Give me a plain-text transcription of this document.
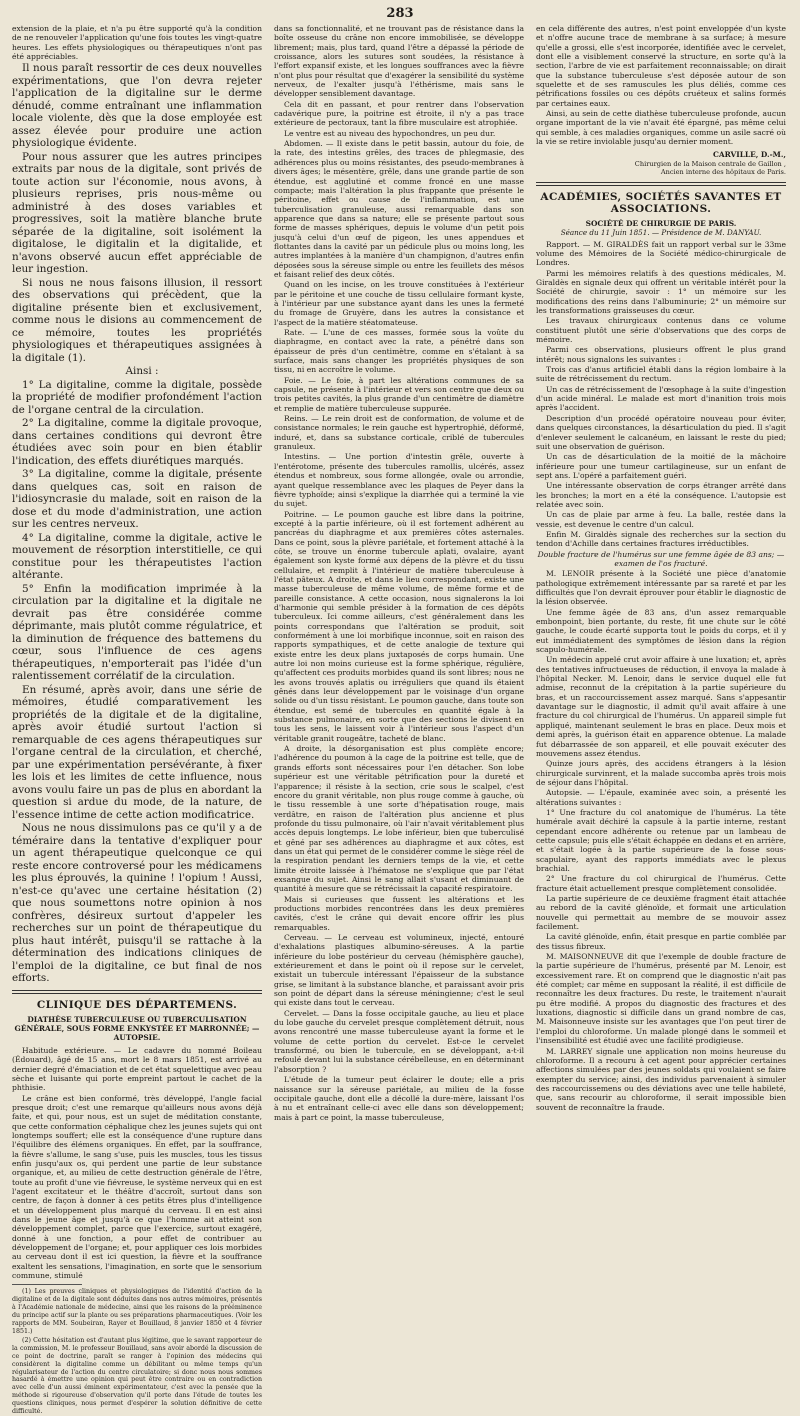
283

extension de la plaie, et n'a pu être supporté qu'à la condition de ne renouveler l'application qu'une fois toutes les vingt-quatre heures. Les effets physiologiques ou thérapeutiques n'ont pas été appréciables.

Il nous paraît ressortir de ces deux nouvelles expérimentations, que l'on devra rejeter l'application de la digitaline sur le derme dénudé, comme entraînant une inflammation locale violente, dès que la dose employée est assez élevée pour produire une action physiologique évidente.

Pour nous assurer que les autres principes extraits par nous de la digitale, sont privés de toute action sur l'économie, nous avons, à plusieurs reprises, pris nous-même ou administré à des doses variables et progressives, soit la matière blanche brute séparée de la digitaline, soit isolément la digitalose, le digitalin et la digitalide, et n'avons observé aucun effet appréciable de leur ingestion.

Si nous ne nous faisons illusion, il ressort des observations qui précèdent, que la digitaline présente bien et exclusivement, comme nous le disions au commencement de ce mémoire, toutes les propriétés physiologiques et thérapeutiques assignées à la digitale (1).

Ainsi :

1° La digitaline, comme la digitale, possède la propriété de modifier profondément l'action de l'organe central de la circulation.

2° La digitaline, comme la digitale provoque, dans certaines conditions qui devront être étudiées avec soin pour en bien établir l'indication, des effets diurétiques marqués.

3° La digitaline, comme la digitale, présente dans quelques cas, soit en raison de l'idiosyncrasie du malade, soit en raison de la dose et du mode d'administration, une action sur les centres nerveux.

4° La digitaline, comme la digitale, active le mouvement de résorption interstitielle, ce qui constitue pour les thérapeutistes l'action altérante.

5° Enfin la modification imprimée à la circulation par la digitaline et la digitale ne devrait pas être considérée comme déprimante, mais plutôt comme régulatrice, et la diminution de fréquence des battemens du cœur, sous l'influence de ces agens thérapeutiques, n'emporterait pas l'idée d'un ralentissement corrélatif de la circulation.

En résumé, après avoir, dans une série de mémoires, étudié comparativement les propriétés de la digitale et de la digitaline, après avoir étudié surtout l'action si remarquable de ces agens thérapeutiques sur l'organe central de la circulation, et cherché, par une expérimentation persévérante, à fixer les lois et les limites de cette influence, nous avons voulu faire un pas de plus en abordant la question si ardue du mode, de la nature, de l'essence intime de cette action modificatrice.

Nous ne nous dissimulons pas ce qu'il y a de téméraire dans la tentative d'expliquer pour un agent thérapeutique quelconque ce qui reste encore controversé pour les médicamens les plus éprouvés, la quinine ! l'opium ! Aussi, n'est-ce qu'avec une certaine hésitation (2) que nous soumettons notre opinion à nos confrères, désireux surtout d'appeler les recherches sur un point de thérapeutique du plus haut intérêt, puisqu'il se rattache à la détermination des indications cliniques de l'emploi de la digitaline, ce but final de nos efforts.

CLINIQUE DES DÉPARTEMENS.
DIATHÈSE TUBERCULEUSE OU TUBERCULISATION GÉNÉRALE, SOUS FORME ENKYSTÉE ET MARRONNÉE; — AUTOPSIE.

Habitude extérieure. — Le cadavre du nommé Boileau (Édouard), âgé de 15 ans, mort le 8 mars 1851, est arrivé au dernier degré d'émaciation et de cet état squelettique avec peau sèche et luisante qui porte empreint partout le cachet de la phthisie.

Le crâne est bien conformé, très développé, l'angle facial presque droit; c'est une remarque qu'ailleurs nous avons déjà faite, et qui, pour nous, est un sujet de méditation constante, que cette conformation céphalique chez les jeunes sujets qui ont longtemps souffert; elle est la conséquence d'une rupture dans l'équilibre des élémens organiques. En effet, par la souffrance, la fièvre s'allume, le sang s'use, puis les muscles, tous les tissus enfin jusqu'aux os, qui perdent une partie de leur substance organique, et, au milieu de cette destruction générale de l'être, toute au profit d'une vie fiévreuse, le système nerveux qui en est l'agent excitateur et le théâtre d'accroît, surtout dans son centre, de façon à donner à ces petits êtres plus d'intelligence et un développement plus marqué du cerveau. Il en est ainsi dans le jeune âge et jusqu'à ce que l'homme ait atteint son développement complet, parce que l'exercice, surtout exagéré, donné à une fonction, a pour effet de contribuer au développement de l'organe; et, pour appliquer ces lois morbides au cerveau dont il est ici question, la fièvre et la souffrance exaltent les sensations, l'imagination, en sorte que le sensorium commune, stimulé

(1) Les preuves cliniques et physiologiques de l'identité d'action de la digitaline et de la digitale sont déduites dans nos autres mémoires, présentés à l'Académie nationale de médecine, ainsi que les raisons de la prééminence du principe actif sur la plante ou ses préparations pharmaceutiques. (Voir les rapports de MM. Soubeiran, Rayer et Bouillaud, 8 janvier 1850 et 4 février 1851.)

(2) Cette hésitation est d'autant plus légitime, que le savant rapporteur de la commission, M. le professeur Bouillaud, sans avoir abordé la discussion de ce point de doctrine, paraît se ranger à l'opinion des médecins qui considèrent la digitaline comme un débilitant ou même temps qu'un régularisateur de l'action du centre circulatoire; si donc nous nous sommes hasardé à émettre une opinion qui peut être contraire ou en contradiction avec celle d'un aussi éminent expérimentateur, c'est avec la pensée que la méthode si rigoureuse d'observation qu'il porte dans l'étude de toutes les questions cliniques, nous permet d'espérer la solution définitive de cette difficulté.

dans sa fonctionnalité, et ne trouvant pas de résistance dans la boîte osseuse du crâne non encore immobilisée, se développe librement; mais, plus tard, quand l'être a dépassé la période de croissance, alors les sutures sont soudées, la résistance à l'effort expansif existe, et les longues souffrances avec la fièvre n'ont plus pour résultat que d'exagérer la sensibilité du système nerveux, de l'exalter jusqu'à l'éthérisme, mais sans le développer sensiblement davantage.

Cela dit en passant, et pour rentrer dans l'observation cadavérique pure, la poitrine est étroite, il n'y a pas trace extérieure de pectoraux, tant la fibre musculaire est atrophiée.

Le ventre est au niveau des hypochondres, un peu dur.

Abdomen. — Il existe dans le petit bassin, autour du foie, de la rate, des intestins grêles, des traces de phlegmasie, des adhérences plus ou moins résistantes, des pseudo-membranes à divers âges; le mésentère, grêle, dans une grande partie de son étendue, est agglutiné et comme froncé en une masse compacte; mais l'altération la plus frappante que présente le péritoine, effet ou cause de l'inflammation, est une tuberculisation granuleuse, aussi remarquable dans son apparence que dans sa nature; elle se présente partout sous forme de masses sphériques, depuis le volume d'un petit pois jusqu'à celui d'un œuf de pigeon, les unes appendues et flottantes dans la cavité par un pédicule plus ou moins long, les autres implantées à la manière d'un champignon, d'autres enfin déposées sous la séreuse simple ou entre les feuillets des mésos et faisant relief des deux côtés.

Quand on les incise, on les trouve constituées à l'extérieur par le péritoine et une couche de tissu cellulaire formant kyste, à l'intérieur par une substance ayant dans les unes la fermeté du fromage de Gruyère, dans les autres la consistance et l'aspect de la matière stéatomateuse.

Rate. — L'une de ces masses, formée sous la voûte du diaphragme, en contact avec la rate, a pénétré dans son épaisseur de près d'un centimètre, comme en s'étalant à sa surface, mais sans changer les propriétés physiques de son tissu, ni en accroître le volume.

Foie. — Le foie, à part les altérations communes de sa capsule, ne présente à l'intérieur et vers son centre que deux ou trois petites cavités, la plus grande d'un centimètre de diamètre et remplie de matière tuberculeuse suppurée.

Reins. — Le rein droit est de conformation, de volume et de consistance normales; le rein gauche est hypertrophié, déformé, induré, et, dans sa substance corticale, criblé de tubercules granuleux.

Intestins. — Une portion d'intestin grêle, ouverte à l'entérotome, présente des tubercules ramollis, ulcérés, assez étendus et nombreux, sous forme allongée, ovale ou arrondie, ayant quelque ressemblance avec les plaques de Peyer dans la fièvre typhoïde; ainsi s'explique la diarrhée qui a terminé la vie du sujet.

Poitrine. — Le poumon gauche est libre dans la poitrine, excepté à la partie inférieure, où il est fortement adhérent au pancréas du diaphragme et aux premières côtes asternales. Dans ce point, sous la plèvre pariétale, et fortement attaché à la côte, se trouve un énorme tubercule aplati, ovalaire, ayant également son kyste formé aux dépens de la plèvre et du tissu cellulaire, et remplit à l'intérieur de matière tuberculeuse à l'état pâteux. A droite, et dans le lieu correspondant, existe une masse tuberculeuse de même volume, de même forme et de pareille consistance. A cette occasion, nous signalerons la loi d'harmonie qui semble présider à la formation de ces dépôts tuberculeux. Ici comme ailleurs, c'est généralement dans les points correspondans que l'altération se produit, soit conformément à une loi morbifique inconnue, soit en raison des rapports sympathiques, et de cette analogie de texture qui existe entre les deux plans juxtaposés de corps humain. Une autre loi non moins curieuse est la forme sphérique, régulière, qu'affectent ces produits morbides quand ils sont libres; nous ne les avons trouvés aplatis ou irréguliers que quand ils étaient gênés dans leur développement par le voisinage d'un organe solide ou d'un tissu résistant. Le poumon gauche, dans toute son étendue, est semé de tubercules en quantité égale à la substance pulmonaire, en sorte que des sections le divisent en tous les sens, le laissent voir à l'intérieur sous l'aspect d'un véritable granit rougeâtre, tacheté de blanc.

A droite, la désorganisation est plus complète encore; l'adhérence du poumon à la cage de la poitrine est telle, que de grands efforts sont nécessaires pour l'en détacher. Son lobe supérieur est une véritable pétrification pour la dureté et l'apparence; il résiste à la section, crie sous le scalpel, c'est encore du granit véritable, non plus rouge comme à gauche, où le tissu ressemble à une sorte d'hépatisation rouge, mais verdâtre, en raison de l'altération plus ancienne et plus profonde du tissu pulmonaire, où l'air n'avait véritablement plus accès depuis longtemps. Le lobe inférieur, bien que tuberculisé et gêné par ses adhérences au diaphragme et aux côtes, est dans un état qui permet de le considérer comme le siège réel de la respiration pendant les derniers temps de la vie, et cette limite étroite laissée à l'hématose ne s'explique que par l'état exsangue du sujet. Ainsi le sang allait s'usant et diminuant de quantité à mesure que se rétrécissait la capacité respiratoire.

Mais si curieuses que fussent les altérations et les productions morbides rencontrées dans les deux premières cavités, c'est le crâne qui devait encore offrir les plus remarquables.

Cerveau. — Le cerveau est volumineux, injecté, entouré d'exhalations plastiques albumino-séreuses. A la partie inférieure du lobe postérieur du cerveau (hémisphère gauche), extérieurement et dans le point où il repose sur le cervelet, existait un tubercule intéressant l'épaisseur de la substance grise, se limitant à la substance blanche, et paraissant avoir pris son point de départ dans la séreuse méningienne; c'est le seul qui existe dans tout le cerveau.

Cervelet. — Dans la fosse occipitale gauche, au lieu et place du lobe gauche du cervelet presque complètement détruit, nous avons rencontré une masse tuberculeuse ayant la forme et le volume de cette portion du cervelet. Est-ce le cervelet transformé, ou bien le tubercule, en se développant, a-t-il refoulé devant lui la substance cérébelleuse, en en déterminant l'absorption ?

L'étude de la tumeur peut éclairer le doute; elle a pris naissance sur la séreuse pariétale, au milieu de la fosse occipitale gauche, dont elle a décollé la dure-mère, laissant l'os à nu et entraînant celle-ci avec elle dans son développement; mais à part ce point, la masse tuberculeuse,

en cela différente des autres, n'est point enveloppée d'un kyste et n'offre aucune trace de membrane à sa surface; à mesure qu'elle a grossi, elle s'est incorporée, identifiée avec le cervelet, dont elle a visiblement conservé la structure, en sorte qu'à la section, l'arbre de vie est parfaitement reconnaissable; on dirait que la substance tuberculeuse s'est déposée autour de son squelette et de ses ramuscules les plus déliés, comme ces pétrifications fossiles ou ces dépôts cruéteux et salins formés par certaines eaux.

Ainsi, au sein de cette diathèse tuberculeuse profonde, aucun organe important de la vie n'avait été épargné, pas même celui qui semble, à ces maladies organiques, comme un asile sacré où la vie se retire inviolable jusqu'au dernier moment.

CARVILLE, D.-M.,
Chirurgien de la Maison centrale de Gaillon ,
Ancien interne des hôpitaux de Paris.
ACADÉMIES, SOCIÉTÉS SAVANTES ET ASSOCIATIONS.
SOCIÉTÉ DE CHIRURGIE DE PARIS.
Séance du 11 Juin 1851. — Présidence de M. DANYAU.

Rapport. — M. GIRALDÈS fait un rapport verbal sur le 33me volume des Mémoires de la Société médico-chirurgicale de Londres.

Parmi les mémoires relatifs à des questions médicales, M. Giraldès en signale deux qui offrent un véritable intérêt pour la Société de chirurgie, savoir : 1° un mémoire sur les modifications des reins dans l'albuminurie; 2° un mémoire sur les transformations graisseuses du cœur.

Les travaux chirurgicaux contenus dans ce volume constituent plutôt une série d'observations que des corps de mémoire.

Parmi ces observations, plusieurs offrent le plus grand intérêt; nous signalons les suivantes :

Trois cas d'anus artificiel établi dans la région lombaire à la suite de rétrécissement du rectum.

Un cas de rétrécissement de l'œsophage à la suite d'ingestion d'un acide minéral. Le malade est mort d'inanition trois mois après l'accident.

Description d'un procédé opératoire nouveau pour éviter, dans quelques circonstances, la désarticulation du pied. Il s'agit d'enlever seulement le calcanéum, en laissant le reste du pied; suit une observation de guérison.

Un cas de désarticulation de la moitié de la mâchoire inférieure pour une tumeur cartilagineuse, sur un enfant de sept ans. L'opéré a parfaitement guéri.

Une intéressante observation de corps étranger arrêté dans les bronches; la mort en a été la conséquence. L'autopsie est relatée avec soin.

Un cas de plaie par arme à feu. La balle, restée dans la vessie, est devenue le centre d'un calcul.

Enfin M. Giraldès signale des recherches sur la section du tendon d'Achille dans certaines fractures irréductibles.

Double fracture de l'humérus sur une femme âgée de 83 ans; — examen de l'os fracturé.

M. LENOIR présente à la Société une pièce d'anatomie pathologique extrêmement intéressante par sa rareté et par les difficultés que l'on devrait éprouver pour établir le diagnostic de la lésion observée.

Une femme âgée de 83 ans, d'un assez remarquable embonpoint, bien portante, du reste, fit une chute sur le côté gauche, le coude écarté supporta tout le poids du corps, et il y eut immédiatement des symptômes de lésion dans la région scapulo-humérale.

Un médecin appelé crut avoir affaire à une luxation; et, après des tentatives infructueuses de réduction, il envoya la malade à l'hôpital Necker. M. Lenoir, dans le service duquel elle fut admise, reconnut de la crépitation à la partie supérieure du bras, et un raccourcissement assez marqué. Sans s'appesantir davantage sur le diagnostic, il admit qu'il avait affaire à une fracture du col chirurgical de l'humérus. Un appareil simple fut appliqué, maintenant seulement le bras en place. Deux mois et demi après, la guérison était en apparence obtenue. La malade fut débarrassée de son appareil, et elle pouvait exécuter des mouvemens assez étendus.

Quinze jours après, des accidens étrangers à la lésion chirurgicale survinrent, et la malade succomba après trois mois de séjour dans l'hôpital.

Autopsie. — L'épaule, examinée avec soin, a présenté les altérations suivantes :

1° Une fracture du col anatomique de l'humérus. La tête humérale avait déchiré la capsule à la partie interne, restant cependant encore adhérente ou retenue par un lambeau de cette capsule; puis elle s'était échappée en dedans et en arrière, et s'était logée à la partie supérieure de la fosse sous-scapulaire, ayant des rapports immédiats avec le plexus brachial.

2° Une fracture du col chirurgical de l'humérus. Cette fracture était actuellement presque complètement consolidée.

La partie supérieure de ce deuxième fragment était attachée au rebord de la cavité glénoïde, et formait une articulation nouvelle qui permettait au membre de se mouvoir assez facilement.

La cavité glénoïde, enfin, était presque en partie comblée par des tissus fibreux.

M. MAISONNEUVE dit que l'exemple de double fracture de la partie supérieure de l'humérus, présenté par M. Lenoir, est excessivement rare. Et on comprend que le diagnostic n'ait pas été complet; car même en supposant la réalité, il est difficile de reconnaître les deux fractures. Du reste, le traitement n'aurait pu être modifié. A propos du diagnostic des fractures et des luxations, diagnostic si difficile dans un grand nombre de cas, M. Maisonneuve insiste sur les avantages que l'on peut tirer de l'emploi du chloroforme. Un malade plongé dans le sommeil et l'insensibilité est étudié avec une facilité prodigieuse.

M. LARREY signale une application non moins heureuse du chloroforme. Il a recouru à cet agent pour apprécier certaines affections simulées par des jeunes soldats qui voulaient se faire exempter du service; ainsi, des individus parvenaient à simuler des raccourcissemens ou des déviations avec une telle habileté, que, sans recourir au chloroforme, il serait impossible bien souvent de reconnaître la fraude.
